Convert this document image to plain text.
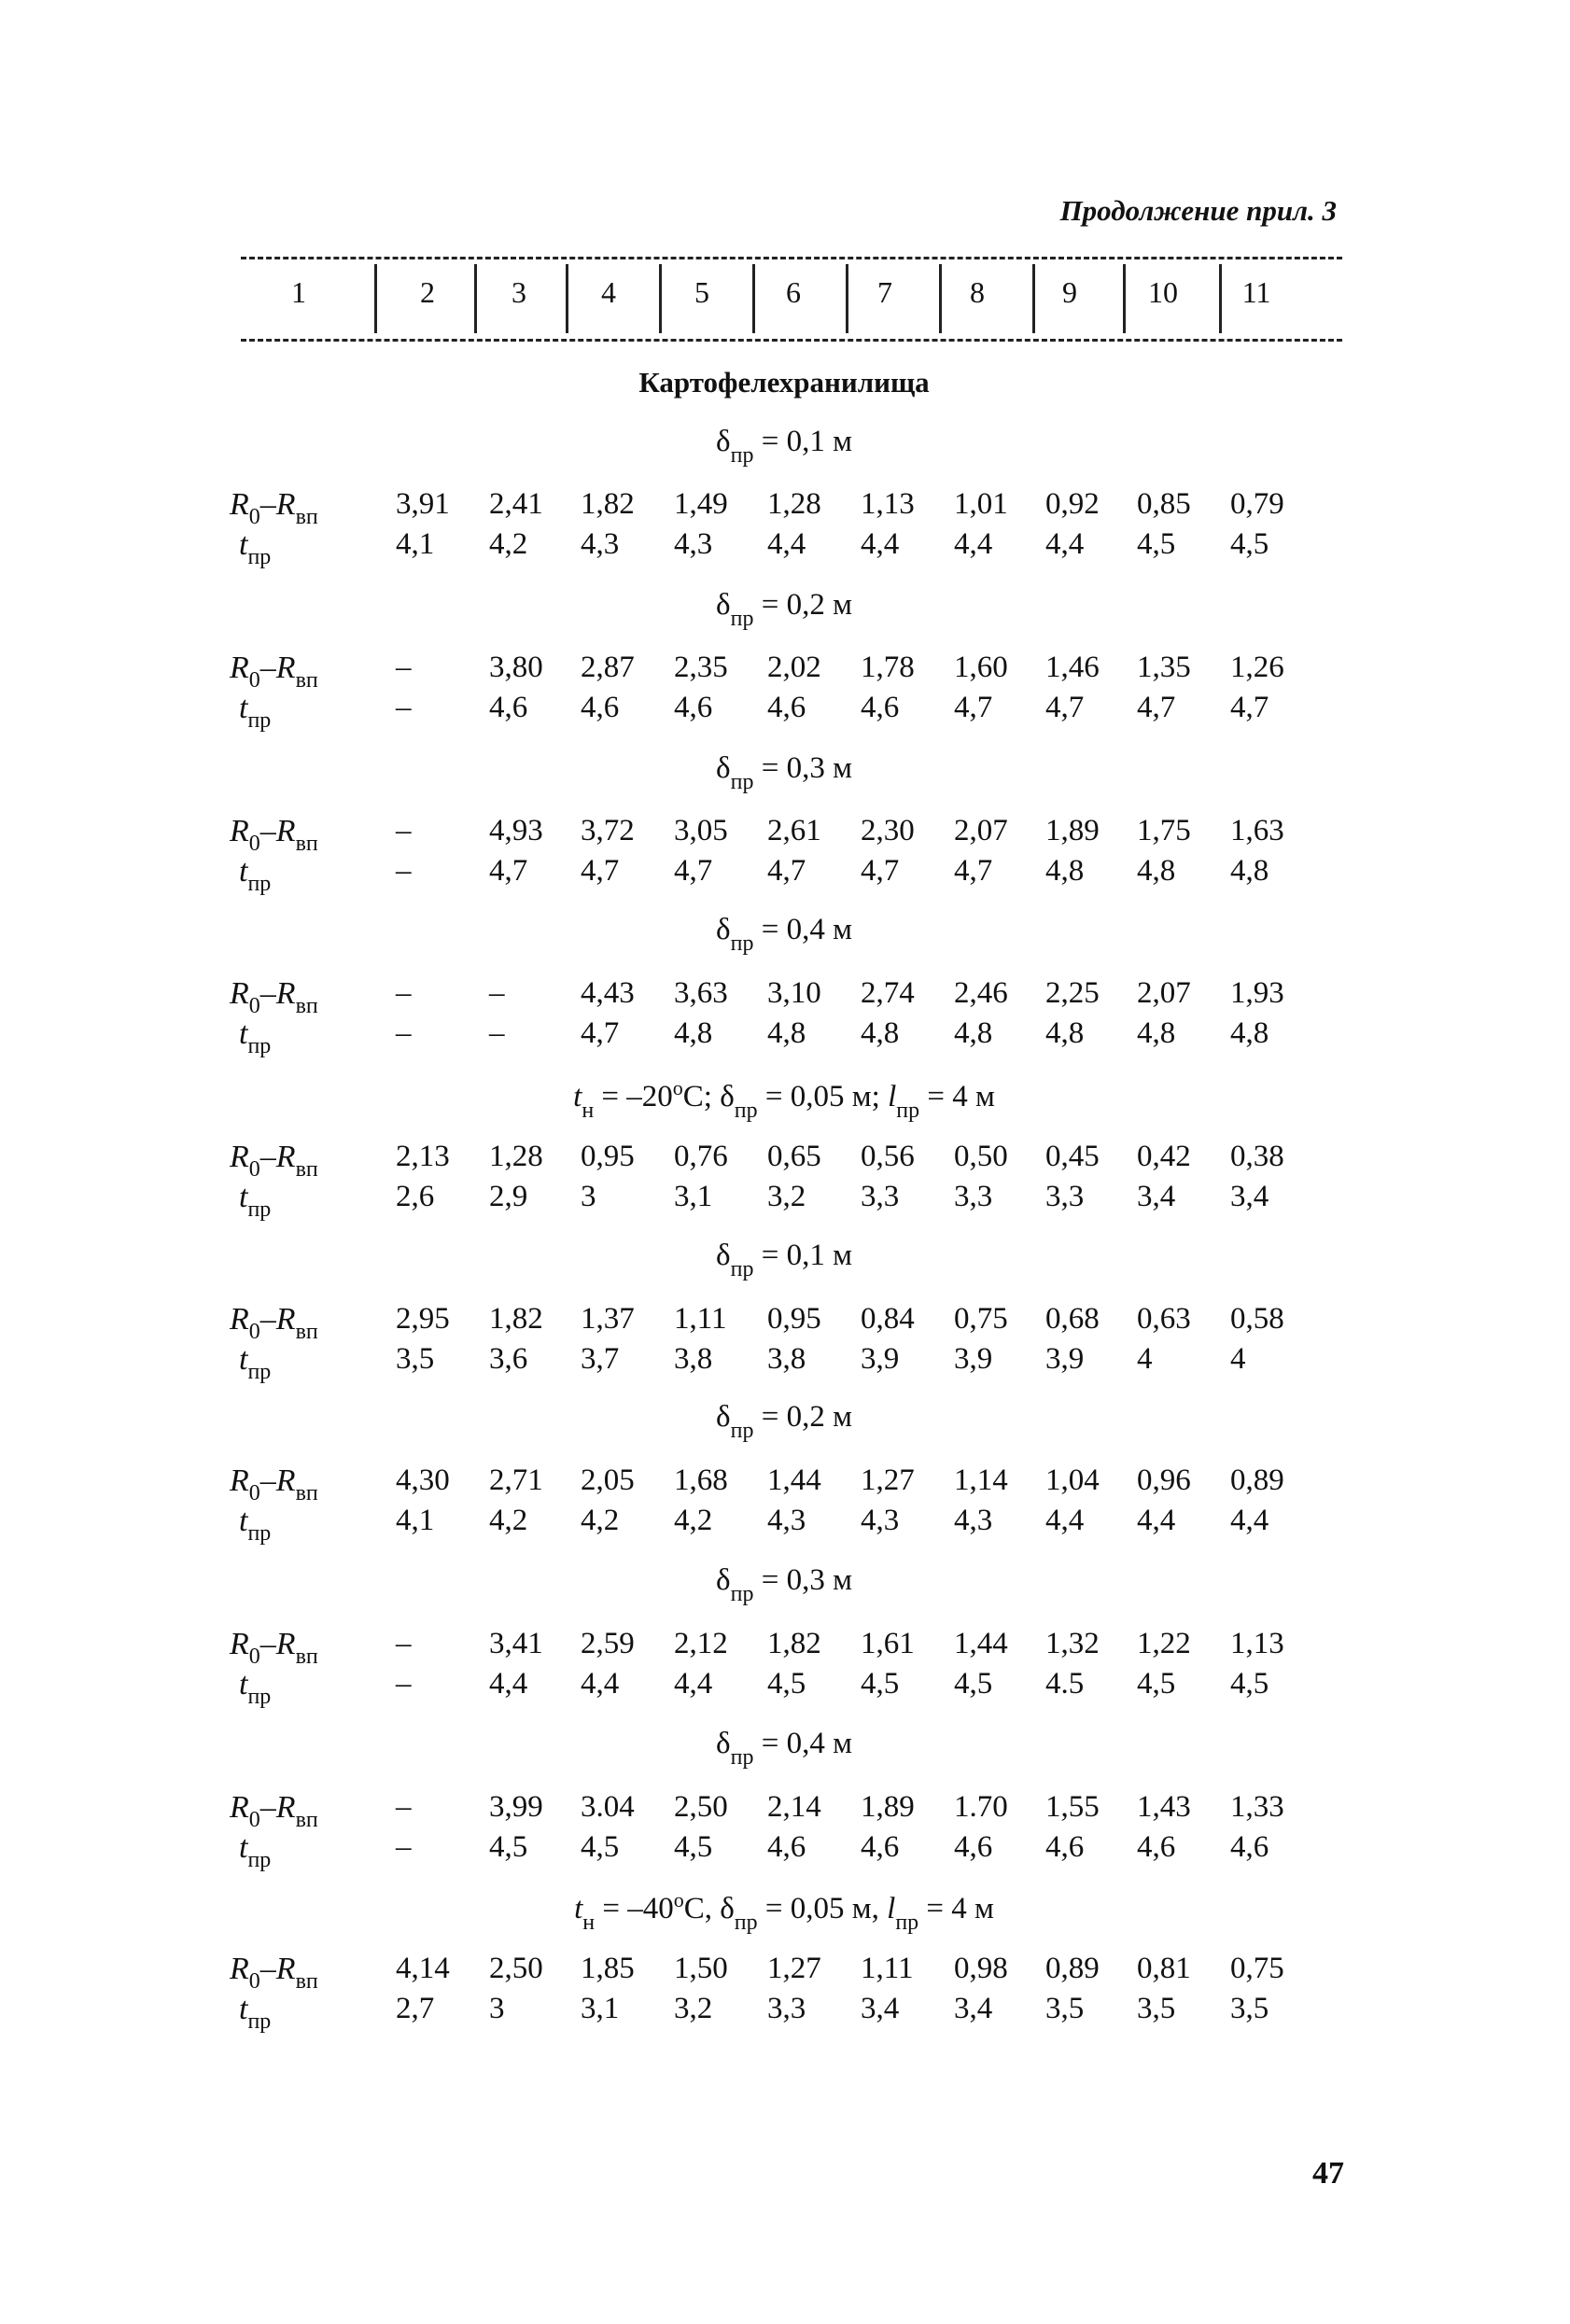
Продолжение прил. 3
1	2	3	4	5	6	7	8	9	10	11
Картофелехранилища
$\delta_{пр} = 0,1$ м
$R_0-R_{вп}$	3,91	2,41	1,82	1,49	1,28	1,13	1,01	0,92	0,85	0,79
$t_{пр}$	4,1	4,2	4,3	4,3	4,4	4,4	4,4	4,4	4,5	4,5
$\delta_{пр} = 0,2$ м
$R_0-R_{вп}$	–	3,80	2,87	2,35	2,02	1,78	1,60	1,46	1,35	1,26
$t_{пр}$	–	4,6	4,6	4,6	4,6	4,6	4,7	4,7	4,7	4,7
$\delta_{пр} = 0,3$ м
$R_0-R_{вп}$	–	4,93	3,72	3,05	2,61	2,30	2,07	1,89	1,75	1,63
$t_{пр}$	–	4,7	4,7	4,7	4,7	4,7	4,7	4,8	4,8	4,8
$\delta_{пр} = 0,4$ м
$R_0-R_{вп}$	–	–	4,43	3,63	3,10	2,74	2,46	2,25	2,07	1,93
$t_{пр}$	–	–	4,7	4,8	4,8	4,8	4,8	4,8	4,8	4,8
$t_н = -20^оС$; $\delta_{пр} = 0,05$ м; $l_{пр} = 4$ м
$R_0-R_{вп}$	2,13	1,28	0,95	0,76	0,65	0,56	0,50	0,45	0,42	0,38
$t_{пр}$	2,6	2,9	3	3,1	3,2	3,3	3,3	3,3	3,4	3,4
$\delta_{пр} = 0,1$ м
$R_0-R_{вп}$	2,95	1,82	1,37	1,11	0,95	0,84	0,75	0,68	0,63	0,58
$t_{пр}$	3,5	3,6	3,7	3,8	3,8	3,9	3,9	3,9	4	4
$\delta_{пр} = 0,2$ м
$R_0-R_{вп}$	4,30	2,71	2,05	1,68	1,44	1,27	1,14	1,04	0,96	0,89
$t_{пр}$	4,1	4,2	4,2	4,2	4,3	4,3	4,3	4,4	4,4	4,4
$\delta_{пр} = 0,3$ м
$R_0-R_{вп}$	–	3,41	2,59	2,12	1,82	1,61	1,44	1,32	1,22	1,13
$t_{пр}$	–	4,4	4,4	4,4	4,5	4,5	4,5	4.5	4,5	4,5
$\delta_{пр} = 0,4$ м
$R_0-R_{вп}$	–	3,99	3.04	2,50	2,14	1,89	1.70	1,55	1,43	1,33
$t_{пр}$	–	4,5	4,5	4,5	4,6	4,6	4,6	4,6	4,6	4,6
$t_н = -40^оС$, $\delta_{пр} = 0,05$ м, $l_{пр} = 4$ м
$R_0-R_{вп}$	4,14	2,50	1,85	1,50	1,27	1,11	0,98	0,89	0,81	0,75
$t_{пр}$	2,7	3	3,1	3,2	3,3	3,4	3,4	3,5	3,5	3,5
47
